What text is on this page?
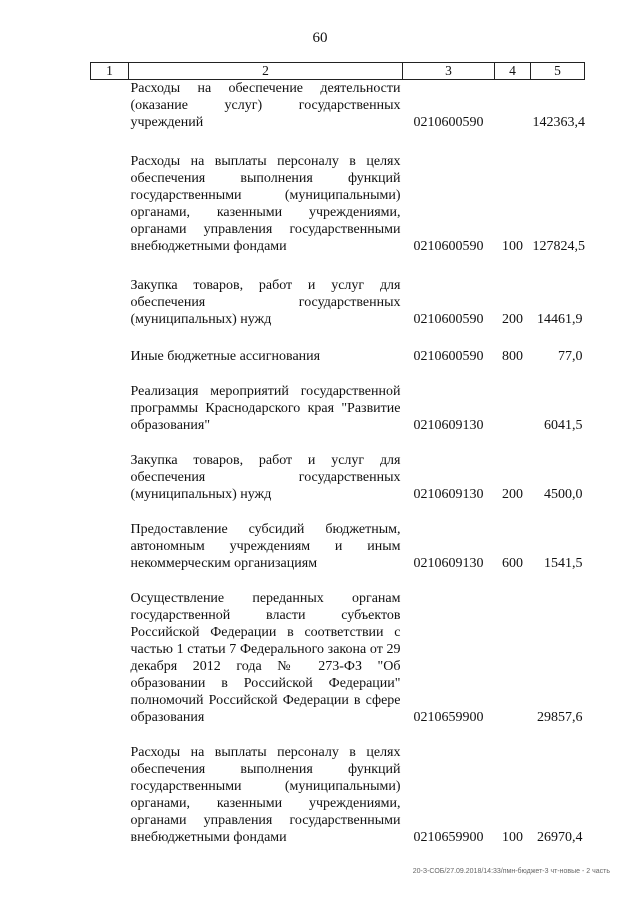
60
1	2	3	4	5
	Расходы на обеспечение деятельности (оказание услуг) государственных учреждений	0210600590		142363,4

	Расходы на выплаты персоналу в целях обеспечения выполнения функций государственными (муниципальными) органами, казенными учреждениями, органами управления государственными внебюджетными фондами	0210600590	100	127824,5

	Закупка товаров, работ и услуг для обеспечения государственных (муниципальных) нужд	0210600590	200	14461,9

	Иные бюджетные ассигнования	0210600590	800	77,0

	Реализация мероприятий государственной программы Краснодарского края "Развитие образования"	0210609130		6041,5

	Закупка товаров, работ и услуг для обеспечения государственных (муниципальных) нужд	0210609130	200	4500,0

	Предоставление субсидий бюджетным, автономным учреждениям и иным некоммерческим организациям	0210609130	600	1541,5

	Осуществление переданных органам государственной власти субъектов Российской Федерации в соответствии с частью 1 статьи 7 Федерального закона от 29 декабря 2012 года № 273-ФЗ "Об образовании в Российской Федерации" полномочий Российской Федерации в сфере образования	0210659900		29857,6

	Расходы на выплаты персоналу в целях обеспечения выполнения функций государственными (муниципальными) органами, казенными учреждениями, органами управления государственными внебюджетными фондами	0210659900	100	26970,4
20-З-СОБ/27.09.2018/14:33/пмн-бюджет-3 чт-новые - 2 часть
